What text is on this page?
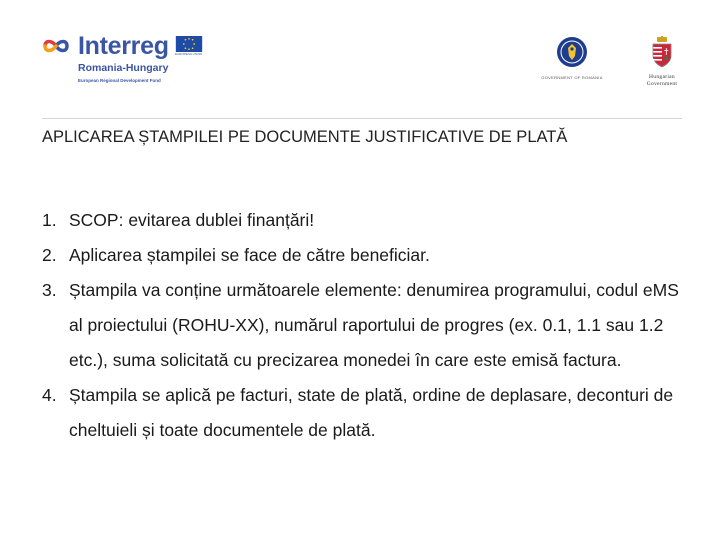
Interreg EUROPEAN UNION
Romania-Hungary
European Regional Development Fund
GOVERNMENT OF ROMANIA	Hungarian
Government
APLICAREA ȘTAMPILEI PE DOCUMENTE JUSTIFICATIVE DE PLATĂ
1. SCOP: evitarea dublei finanțări!
2. Aplicarea ștampilei se face de către beneficiar.
3. Ștampila va conține următoarele elemente: denumirea programului, codul eMS al proiectului (ROHU-XX), numărul raportului de progres (ex. 0.1, 1.1 sau 1.2 etc.), suma solicitată cu precizarea monedei în care este emisă factura.
4. Ștampila se aplică pe facturi, state de plată, ordine de deplasare, deconturi de cheltuieli și toate documentele de plată.
